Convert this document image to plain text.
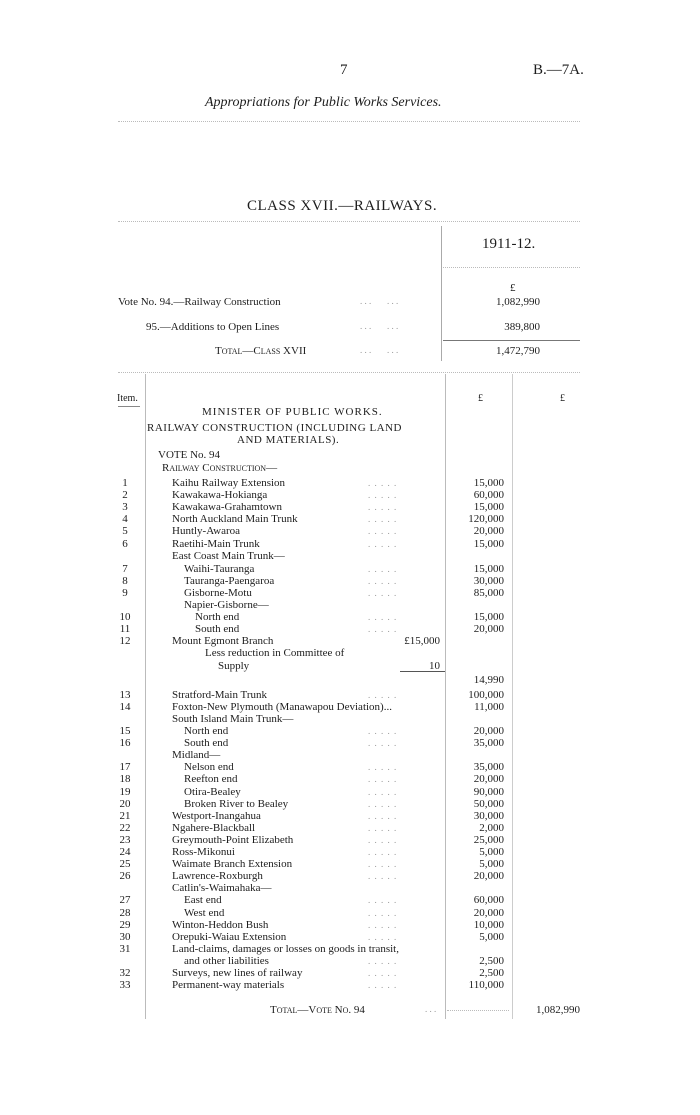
7	B.—7A.
Appropriations for Public Works Services.
CLASS XVII.—RAILWAYS.
1911-12.
£
Vote No. 94.—Railway Construction	1,082,990
. . .       . . .
95.—Additions to Open Lines	389,800
. . .       . . .
Total—Class XVII	1,472,790
. . .       . . .
Item.	£	£
MINISTER OF PUBLIC WORKS.
RAILWAY CONSTRUCTION (INCLUDING LAND
AND MATERIALS).
VOTE No. 94
Railway Construction—
1	Kaihu Railway Extension	. . . . .	15,000
2	Kawakawa-Hokianga	. . . . .	60,000
3	Kawakawa-Grahamtown	. . . . .	15,000
4	North Auckland Main Trunk	. . . . .	120,000
5	Huntly-Awaroa	. . . . .	20,000
6	Raetihi-Main Trunk	. . . . .	15,000
East Coast Main Trunk—
7	Waihi-Tauranga	. . . . .	15,000
8	Tauranga-Paengaroa	. . . . .	30,000
9	Gisborne-Motu	. . . . .	85,000
Napier-Gisborne—
10	North end	. . . . .	15,000
11	South end	. . . . .	20,000
12	Mount Egmont Branch	£15,000
Less reduction in Committee of
Supply	10
14,990
13	Stratford-Main Trunk	. . . . .	100,000
14	Foxton-New Plymouth (Manawapou Deviation)...	11,000
South Island Main Trunk—
15	North end	. . . . .	20,000
16	South end	. . . . .	35,000
Midland—
17	Nelson end	. . . . .	35,000
18	Reefton end	. . . . .	20,000
19	Otira-Bealey	. . . . .	90,000
20	Broken River to Bealey	. . . . .	50,000
21	Westport-Inangahua	. . . . .	30,000
22	Ngahere-Blackball	. . . . .	2,000
23	Greymouth-Point Elizabeth	. . . . .	25,000
24	Ross-Mikonui	. . . . .	5,000
25	Waimate Branch Extension	. . . . .	5,000
26	Lawrence-Roxburgh	. . . . .	20,000
Catlin's-Waimahaka—
27	East end	. . . . .	60,000
28	West end	. . . . .	20,000
29	Winton-Heddon Bush	. . . . .	10,000
30	Orepuki-Waiau Extension	. . . . .	5,000
31	Land-claims, damages or losses on goods in transit,
and other liabilities	. . . . .	2,500
32	Surveys, new lines of railway	. . . . .	2,500
33	Permanent-way materials	. . . . .	110,000
Total—Vote No. 94	. . .	1,082,990
